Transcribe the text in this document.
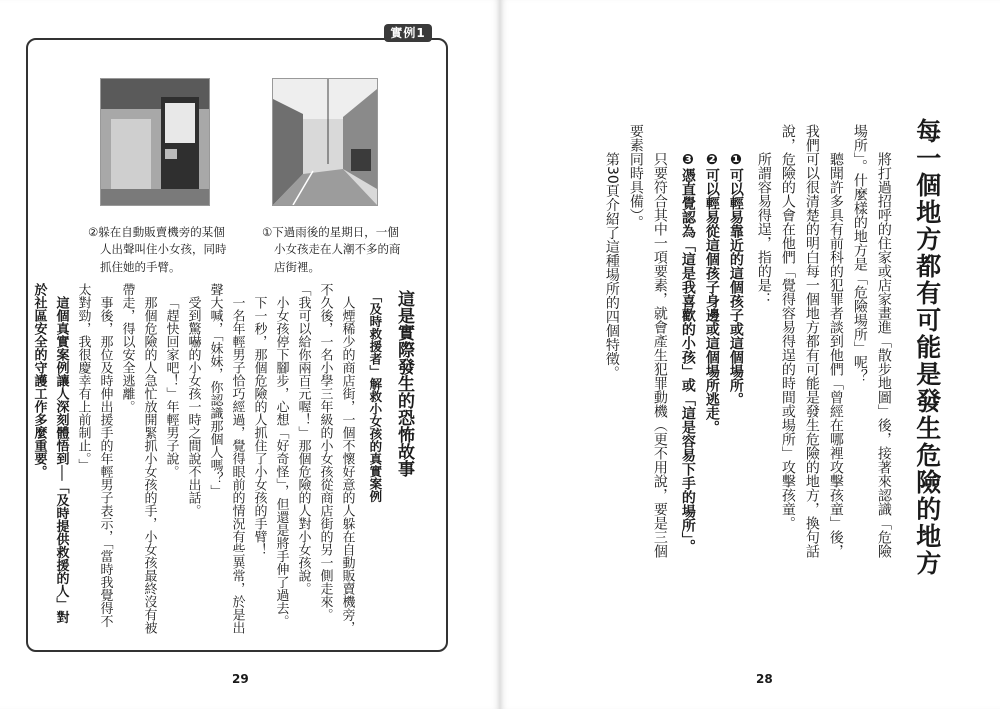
實例1
①下過雨後的星期日，一個
小女孩走在人潮不多的商
店街裡。
②躲在自動販賣機旁的某個
人出聲叫住小女孩，同時
抓住她的手臂。
這是實際發生的恐怖故事
「及時救援者」解救小女孩的真實案例
人煙稀少的商店街，一個不懷好意的人躲在自動販賣機旁，
不久後，一名小學三年級的小女孩從商店街的另一側走來。
「我可以給你兩百元喔！」那個危險的人對小女孩說。
小女孩停下腳步，心想「好奇怪」，但還是將手伸了過去。
下一秒，那個危險的人抓住了小女孩的手臂！
一名年輕男子恰巧經過，覺得眼前的情況有些異常，於是出
聲大喊，「妹妹，你認識那個人嗎？」
受到驚嚇的小女孩一時之間說不出話。
「趕快回家吧！」年輕男子說。
那個危險的人急忙放開緊抓小女孩的手，小女孩最終沒有被
帶走，得以安全逃離。
事後，那位及時伸出援手的年輕男子表示，「當時我覺得不
太對勁，我很慶幸有上前制止。」
這個真實案例讓人深刻體悟到──「及時提供救援的人」對
於社區安全的守護工作多麼重要。
29
每一個地方都有可能是發生危險的地方
將打過招呼的住家或店家畫進「散步地圖」後，接著來認識「危險
場所」。什麼樣的地方是「危險場所」呢？
聽聞許多具有前科的犯罪者談到他們「曾經在哪裡攻擊孩童」後，
我們可以很清楚的明白每一個地方都有可能是發生危險的地方，換句話
說，危險的人會在他們「覺得容易得逞的時間或場所」攻擊孩童。
所謂容易得逞，指的是：
❶可以輕易靠近的這個孩子或這個場所。
❷可以輕易從這個孩子身邊或這個場所逃走。
❸憑直覺認為「這是我喜歡的小孩」或「這是容易下手的場所」。
只要符合其中一項要素，就會產生犯罪動機（更不用說，要是三個
要素同時具備）。
第30頁介紹了這種場所的四個特徵。
28
